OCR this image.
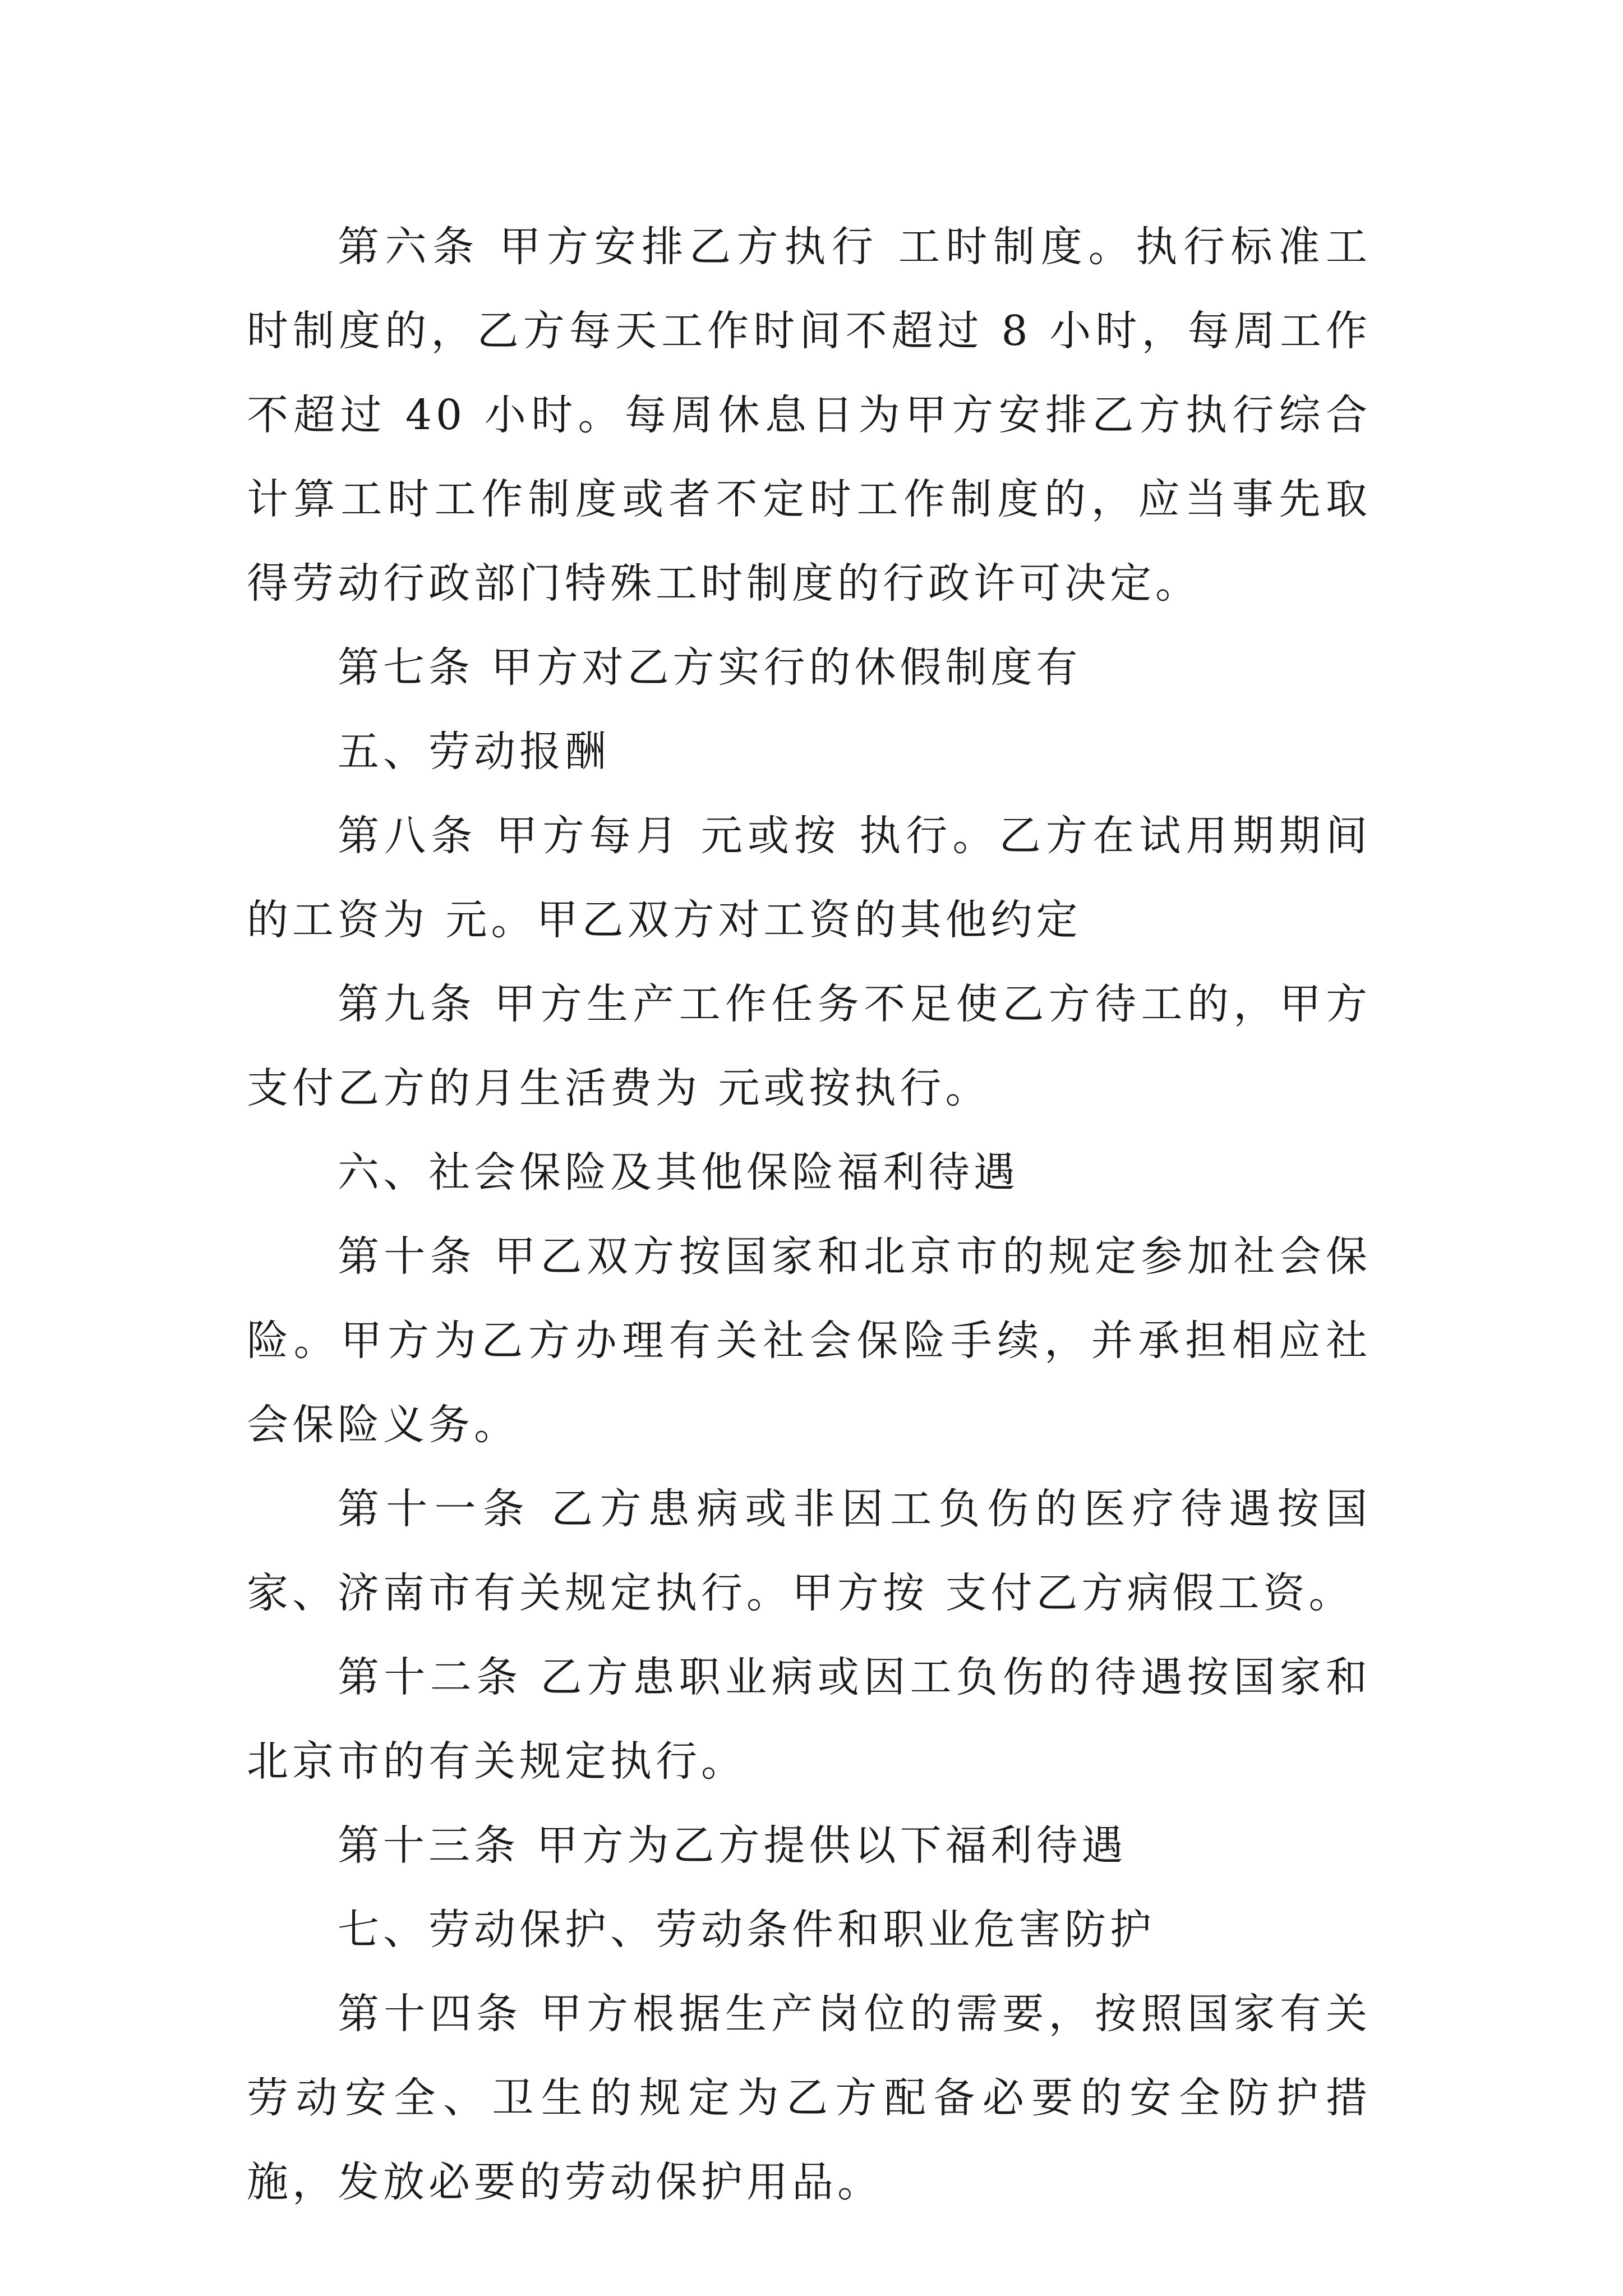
第六条 甲方安排乙方执行 工时制度。执行标准工时制度的，乙方每天工作时间不超过 8 小时，每周工作不超过 40 小时。每周休息日为甲方安排乙方执行综合计算工时工作制度或者不定时工作制度的，应当事先取得劳动行政部门特殊工时制度的行政许可决定。

第七条 甲方对乙方实行的休假制度有

五、劳动报酬

第八条 甲方每月 元或按 执行。乙方在试用期期间的工资为 元。甲乙双方对工资的其他约定

第九条 甲方生产工作任务不足使乙方待工的，甲方支付乙方的月生活费为 元或按执行。

六、社会保险及其他保险福利待遇

第十条 甲乙双方按国家和北京市的规定参加社会保险。甲方为乙方办理有关社会保险手续，并承担相应社会保险义务。

第十一条 乙方患病或非因工负伤的医疗待遇按国家、济南市有关规定执行。甲方按 支付乙方病假工资。

第十二条 乙方患职业病或因工负伤的待遇按国家和北京市的有关规定执行。

第十三条 甲方为乙方提供以下福利待遇

七、劳动保护、劳动条件和职业危害防护

第十四条 甲方根据生产岗位的需要，按照国家有关劳动安全、卫生的规定为乙方配备必要的安全防护措施，发放必要的劳动保护用品。
